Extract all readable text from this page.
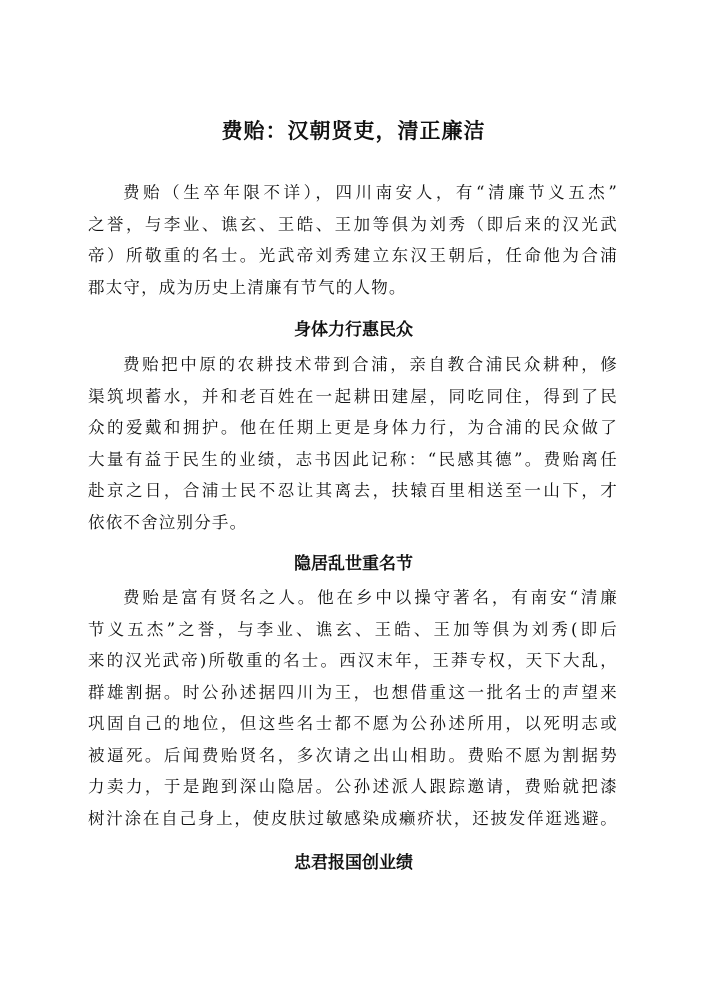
费贻：汉朝贤吏，清正廉洁
费贻（生卒年限不详），四川南安人，有“清廉节义五杰”
之誉，与李业、谯玄、王皓、王加等俱为刘秀（即后来的汉光武
帝）所敬重的名士。光武帝刘秀建立东汉王朝后，任命他为合浦
郡太守，成为历史上清廉有节气的人物。
身体力行惠民众
费贻把中原的农耕技术带到合浦，亲自教合浦民众耕种，修
渠筑坝蓄水，并和老百姓在一起耕田建屋，同吃同住，得到了民
众的爱戴和拥护。他在任期上更是身体力行，为合浦的民众做了
大量有益于民生的业绩，志书因此记称：“民感其德”。费贻离任
赴京之日，合浦士民不忍让其离去，扶辕百里相送至一山下，才
依依不舍泣别分手。
隐居乱世重名节
费贻是富有贤名之人。他在乡中以操守著名，有南安“清廉
节义五杰”之誉，与李业、谯玄、王皓、王加等俱为刘秀(即后
来的汉光武帝)所敬重的名士。西汉末年，王莽专权，天下大乱，
群雄割据。时公孙述据四川为王，也想借重这一批名士的声望来
巩固自己的地位，但这些名士都不愿为公孙述所用，以死明志或
被逼死。后闻费贻贤名，多次请之出山相助。费贻不愿为割据势
力卖力，于是跑到深山隐居。公孙述派人跟踪邀请，费贻就把漆
树汁涂在自己身上，使皮肤过敏感染成癞疥状，还披发佯逛逃避。
忠君报国创业绩
